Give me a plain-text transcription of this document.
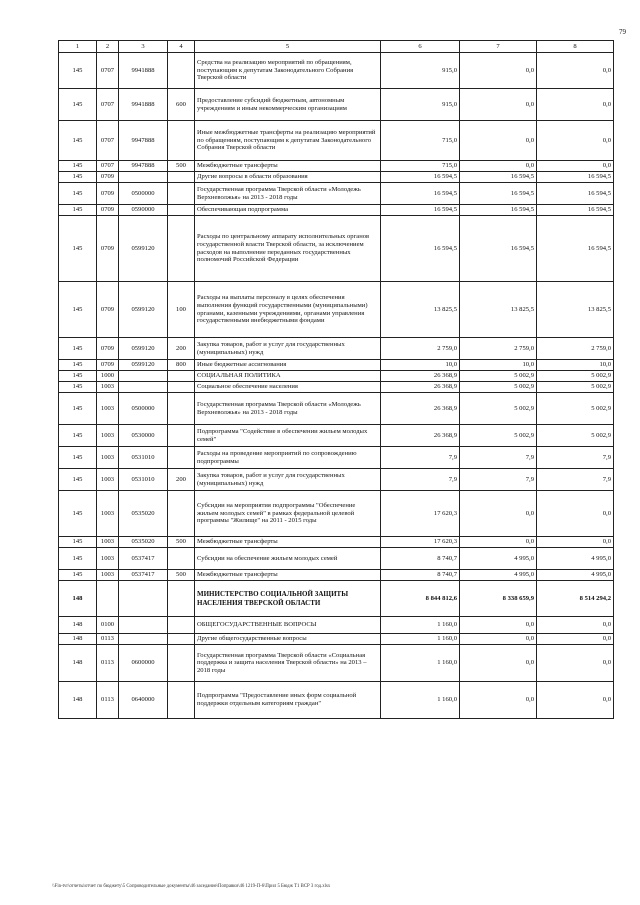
79
1	2	3	4	5	6	7	8
145	0707	9941888		Средства на реализацию мероприятий по обращениям, поступающим к депутатам Законодательного Собрания Тверской области	915,0	0,0	0,0
145	0707	9941888	600	Предоставление субсидий бюджетным, автономным учреждениям и иным некоммерческим организациям	915,0	0,0	0,0
145	0707	9947888		Иные межбюджетные трансферты на реализацию мероприятий по обращениям, поступающим к депутатам Законодательного Собрания Тверской области	715,0	0,0	0,0
145	0707	9947888	500	Межбюджетные трансферты	715,0	0,0	0,0
145	0709			Другие вопросы в области образования	16 594,5	16 594,5	16 594,5
145	0709	0500000		Государственная программа Тверской области «Молодежь Верхневолжья» на 2013 - 2018 годы	16 594,5	16 594,5	16 594,5
145	0709	0590000		Обеспечивающая подпрограмма	16 594,5	16 594,5	16 594,5
145	0709	0599120		Расходы по центральному аппарату исполнительных органов государственной власти Тверской области, за исключением расходов на выполнение переданных государственных полномочий Российской Федерации	16 594,5	16 594,5	16 594,5
145	0709	0599120	100	Расходы на выплаты персоналу в целях обеспечения выполнения функций государственными (муниципальными) органами, казенными учреждениями, органами управления государственными внебюджетными фондами	13 825,5	13 825,5	13 825,5
145	0709	0599120	200	Закупка товаров, работ и услуг для государственных (муниципальных) нужд	2 759,0	2 759,0	2 759,0
145	0709	0599120	800	Иные бюджетные ассигнования	10,0	10,0	10,0
145	1000			СОЦИАЛЬНАЯ ПОЛИТИКА	26 368,9	5 002,9	5 002,9
145	1003			Социальное обеспечение населения	26 368,9	5 002,9	5 002,9
145	1003	0500000		Государственная программа Тверской области «Молодежь Верхневолжья» на 2013 - 2018 годы	26 368,9	5 002,9	5 002,9
145	1003	0530000		Подпрограмма "Содействие в обеспечении жильем молодых семей"	26 368,9	5 002,9	5 002,9
145	1003	0531010		Расходы на проведение мероприятий по сопровождению подпрограммы	7,9	7,9	7,9
145	1003	0531010	200	Закупка товаров, работ и услуг для государственных (муниципальных) нужд	7,9	7,9	7,9
145	1003	0535020		Субсидии на мероприятия подпрограммы "Обеспечение жильем молодых семей" в рамках федеральной целевой программы "Жилище" на 2011 - 2015 годы	17 620,3	0,0	0,0
145	1003	0535020	500	Межбюджетные трансферты	17 620,3	0,0	0,0
145	1003	0537417		Субсидии на обеспечение жильем молодых семей	8 740,7	4 995,0	4 995,0
145	1003	0537417	500	Межбюджетные трансферты	8 740,7	4 995,0	4 995,0
148				МИНИСТЕРСТВО СОЦИАЛЬНОЙ ЗАЩИТЫ НАСЕЛЕНИЯ ТВЕРСКОЙ ОБЛАСТИ	8 844 812,6	8 338 659,9	8 514 294,2
148	0100			ОБЩЕГОСУДАРСТВЕННЫЕ ВОПРОСЫ	1 160,0	0,0	0,0
148	0113			Другие общегосударственные вопросы	1 160,0	0,0	0,0
148	0113	0600000		Государственная программа Тверской области «Социальная поддержка и защита населения Тверской области» на 2013 – 2018 годы	1 160,0	0,0	0,0
148	0113	0640000		Подпрограмма "Предоставление иных форм социальной поддержки отдельным категориям граждан"	1 160,0	0,0	0,0
\\Fin-tvr\отчеты\отчет по бюджету\5 Сопроводительные документы\46 заседание\Поправки\46 1219-П-6\Прил 5 Бюдж Т1 ВСР 3 год.xlsx
